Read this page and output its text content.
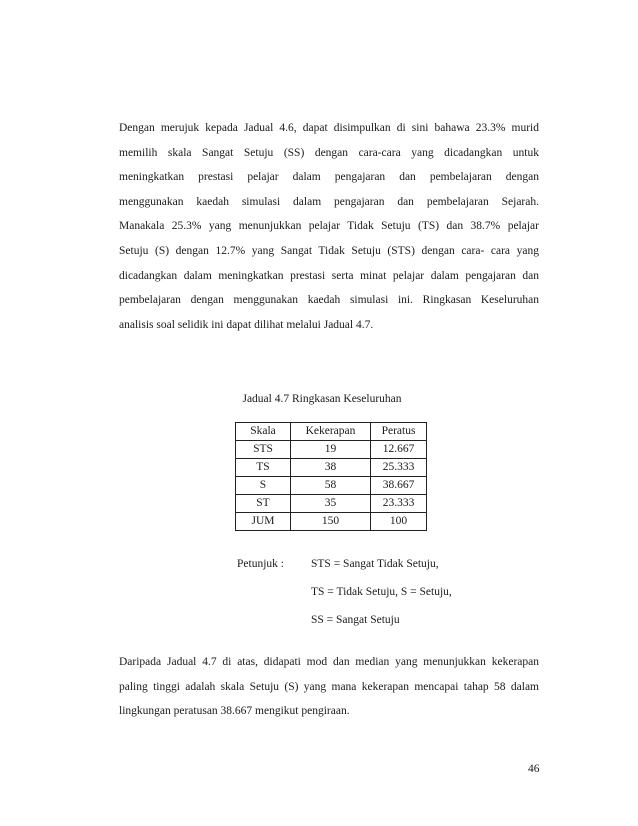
Dengan merujuk kepada Jadual 4.6, dapat disimpulkan di sini bahawa 23.3% murid
memilih skala Sangat Setuju (SS) dengan cara-cara yang dicadangkan untuk
meningkatkan prestasi pelajar dalam pengajaran dan pembelajaran dengan
menggunakan kaedah simulasi dalam pengajaran dan pembelajaran Sejarah.
Manakala 25.3% yang menunjukkan pelajar Tidak Setuju (TS) dan 38.7% pelajar
Setuju (S) dengan 12.7% yang Sangat Tidak Setuju (STS) dengan cara- cara yang
dicadangkan dalam meningkatkan prestasi serta minat pelajar dalam pengajaran dan
pembelajaran dengan menggunakan kaedah simulasi ini. Ringkasan Keseluruhan
analisis soal selidik ini dapat dilihat melalui Jadual 4.7.
Jadual 4.7 Ringkasan Keseluruhan
Skala	Kekerapan	Peratus
STS	19	12.667
TS	38	25.333
S	58	38.667
ST	35	23.333
JUM	150	100
Petunjuk : STS = Sangat Tidak Setuju,
TS = Tidak Setuju, S = Setuju,
SS = Sangat Setuju
Daripada Jadual 4.7 di atas, didapati mod dan median yang menunjukkan kekerapan
paling tinggi adalah skala Setuju (S) yang mana kekerapan mencapai tahap 58 dalam
lingkungan peratusan 38.667 mengikut pengiraan.
46
